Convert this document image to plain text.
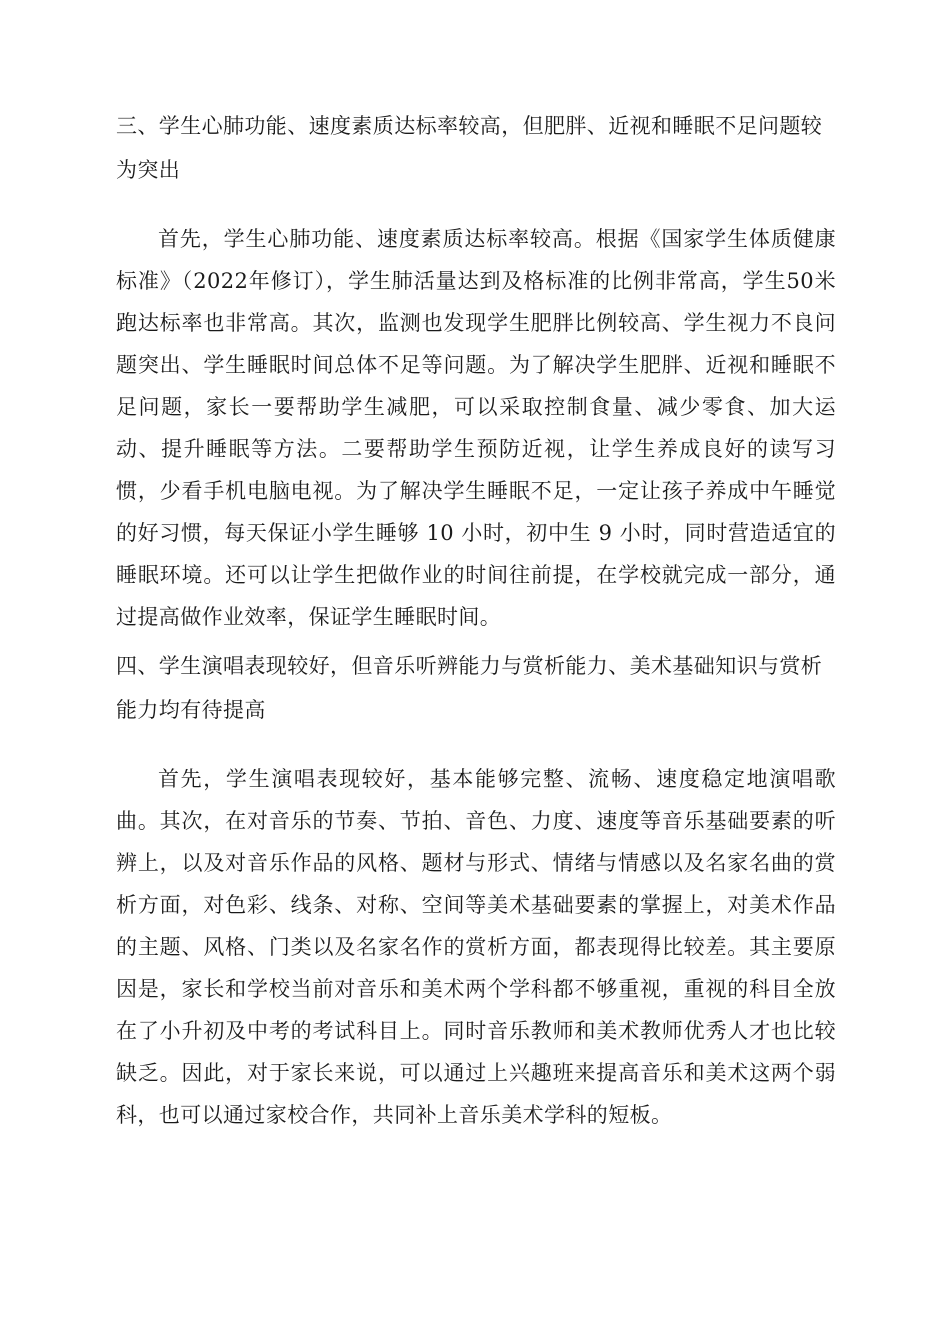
三、学生心肺功能、速度素质达标率较高，但肥胖、近视和睡眠不足问题较为突出

首先，学生心肺功能、速度素质达标率较高。根据《国家学生体质健康标准》（2022年修订），学生肺活量达到及格标准的比例非常高，学生50米跑达标率也非常高。其次，监测也发现学生肥胖比例较高、学生视力不良问题突出、学生睡眠时间总体不足等问题。为了解决学生肥胖、近视和睡眠不足问题，家长一要帮助学生减肥，可以采取控制食量、减少零食、加大运动、提升睡眠等方法。二要帮助学生预防近视，让学生养成良好的读写习惯，少看手机电脑电视。为了解决学生睡眠不足，一定让孩子养成中午睡觉的好习惯，每天保证小学生睡够 10 小时，初中生 9 小时，同时营造适宜的睡眠环境。还可以让学生把做作业的时间往前提，在学校就完成一部分，通过提高做作业效率，保证学生睡眠时间。

四、学生演唱表现较好，但音乐听辨能力与赏析能力、美术基础知识与赏析能力均有待提高

首先，学生演唱表现较好，基本能够完整、流畅、速度稳定地演唱歌曲。其次，在对音乐的节奏、节拍、音色、力度、速度等音乐基础要素的听辨上，以及对音乐作品的风格、题材与形式、情绪与情感以及名家名曲的赏析方面，对色彩、线条、对称、空间等美术基础要素的掌握上，对美术作品的主题、风格、门类以及名家名作的赏析方面，都表现得比较差。其主要原因是，家长和学校当前对音乐和美术两个学科都不够重视，重视的科目全放在了小升初及中考的考试科目上。同时音乐教师和美术教师优秀人才也比较缺乏。因此，对于家长来说，可以通过上兴趣班来提高音乐和美术这两个弱科，也可以通过家校合作，共同补上音乐美术学科的短板。
